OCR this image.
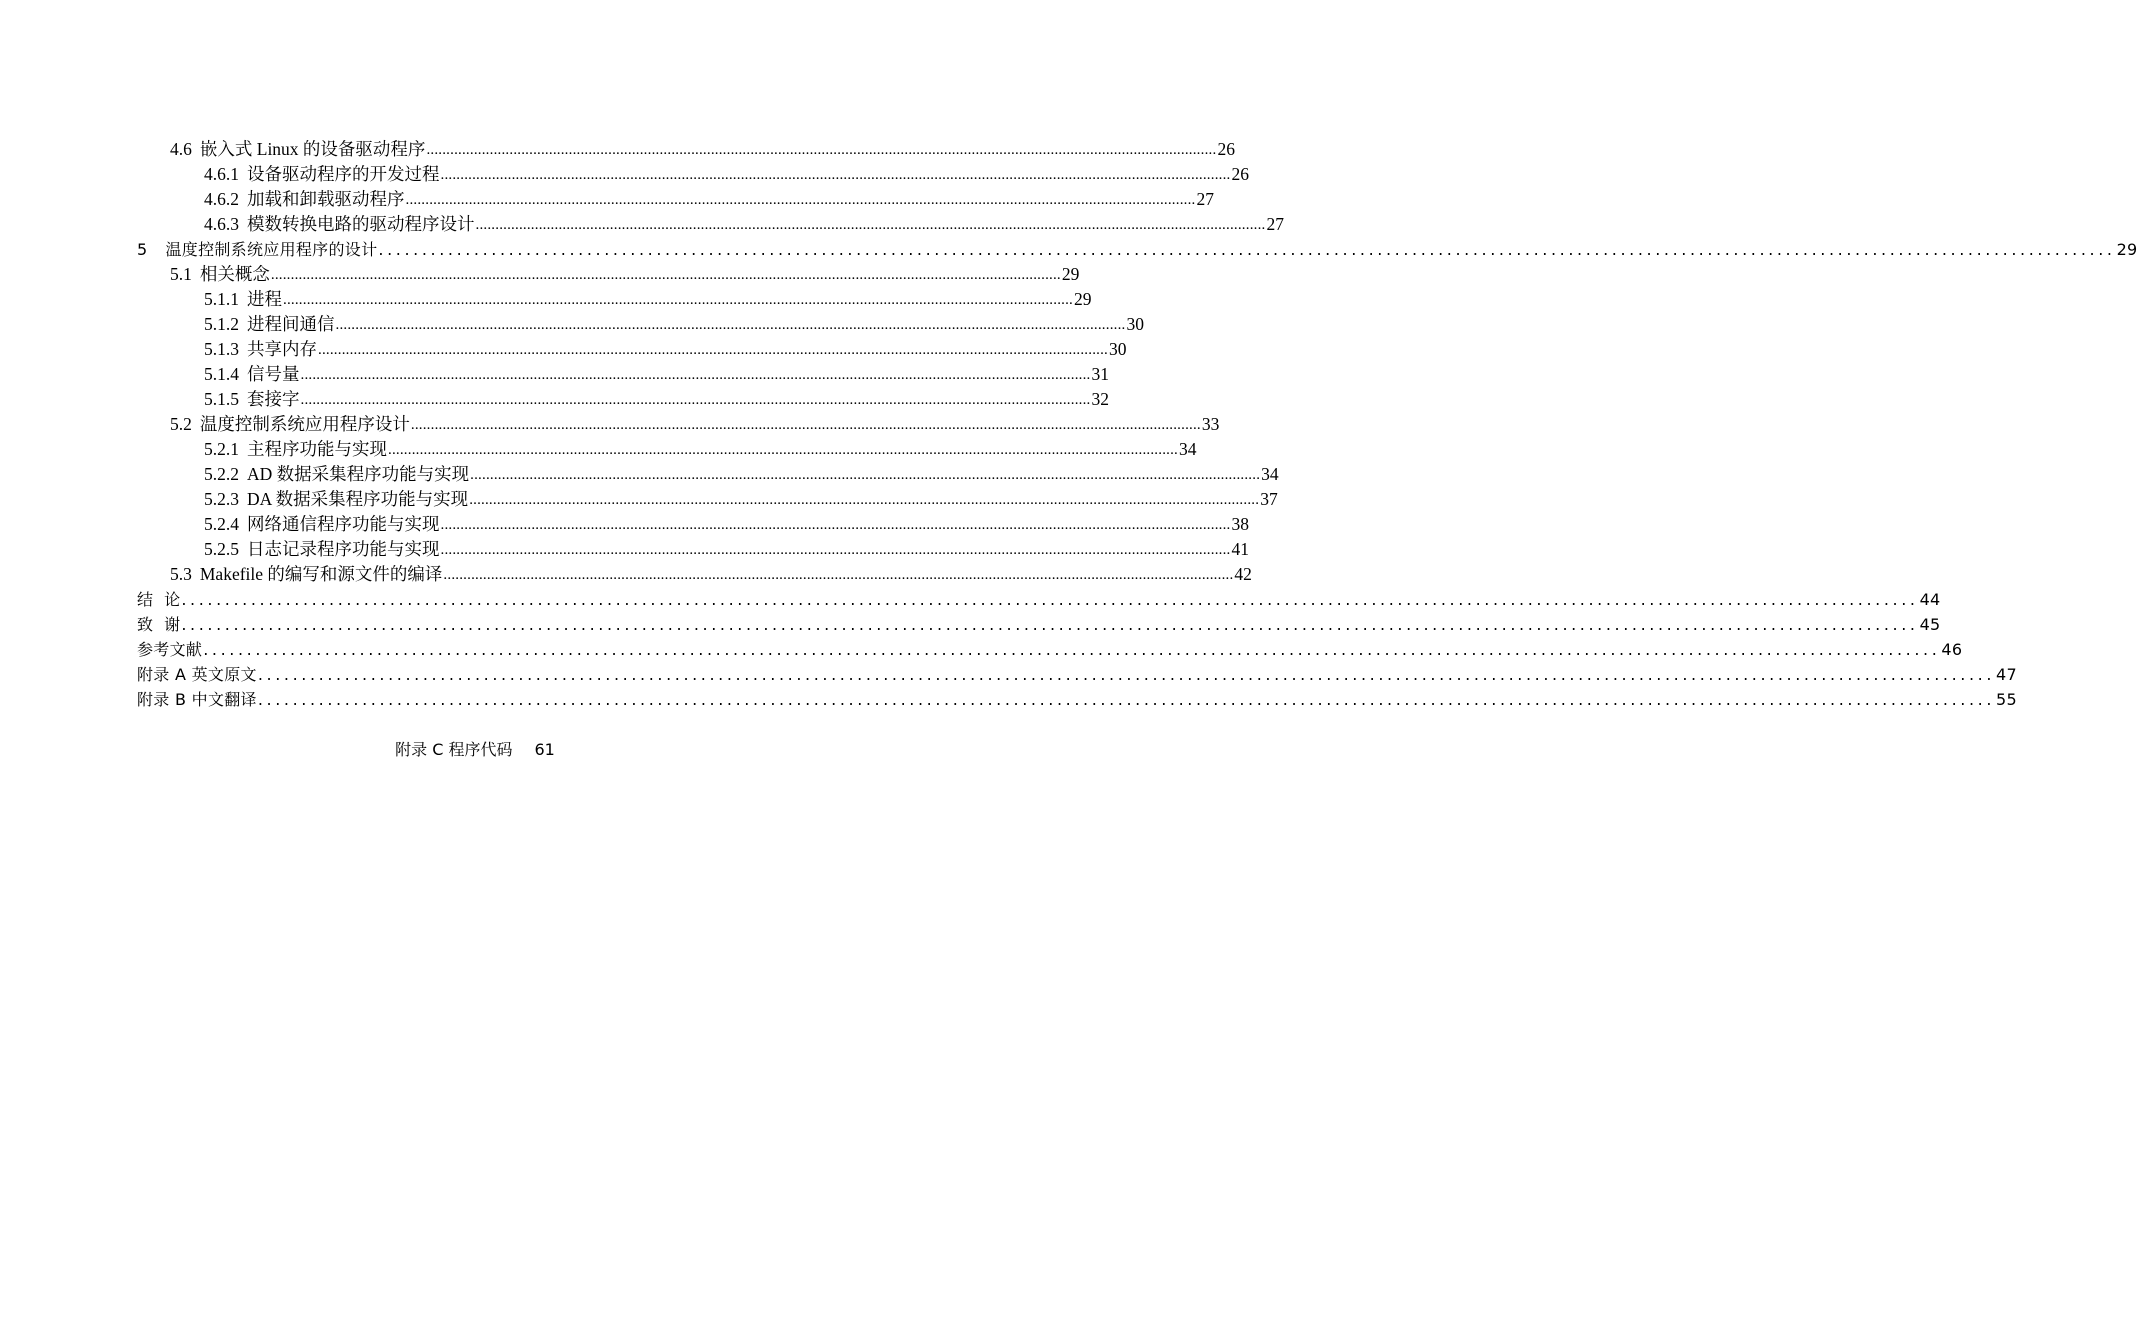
4.6 嵌入式 Linux 的设备驱动程序 ........................................................................................................................................................................................................ 26
4.6.1 设备驱动程序的开发过程 ........................................................................................................................................................................................................ 26
4.6.2 加载和卸载驱动程序 ........................................................................................................................................................................................................ 27
4.6.3 模数转换电路的驱动程序设计 ........................................................................................................................................................................................................ 27
5 温度控制系统应用程序的设计 ........................................................................................................................................................................................................ 29
5.1 相关概念 ........................................................................................................................................................................................................ 29
5.1.1 进程 ........................................................................................................................................................................................................ 29
5.1.2 进程间通信 ........................................................................................................................................................................................................ 30
5.1.3 共享内存 ........................................................................................................................................................................................................ 30
5.1.4 信号量 ........................................................................................................................................................................................................ 31
5.1.5 套接字 ........................................................................................................................................................................................................ 32
5.2 温度控制系统应用程序设计 ........................................................................................................................................................................................................ 33
5.2.1 主程序功能与实现 ........................................................................................................................................................................................................ 34
5.2.2 AD 数据采集程序功能与实现 ........................................................................................................................................................................................................ 34
5.2.3 DA 数据采集程序功能与实现 ........................................................................................................................................................................................................ 37
5.2.4 网络通信程序功能与实现 ........................................................................................................................................................................................................ 38
5.2.5 日志记录程序功能与实现 ........................................................................................................................................................................................................ 41
5.3 Makefile 的编写和源文件的编译 ........................................................................................................................................................................................................ 42
结  论 ........................................................................................................................................................................................................ 44
致  谢 ........................................................................................................................................................................................................ 45
参考文献 ........................................................................................................................................................................................................ 46
附录 A 英文原文 ........................................................................................................................................................................................................ 47
附录 B 中文翻译 ........................................................................................................................................................................................................ 55
附录 C 程序代码 61
